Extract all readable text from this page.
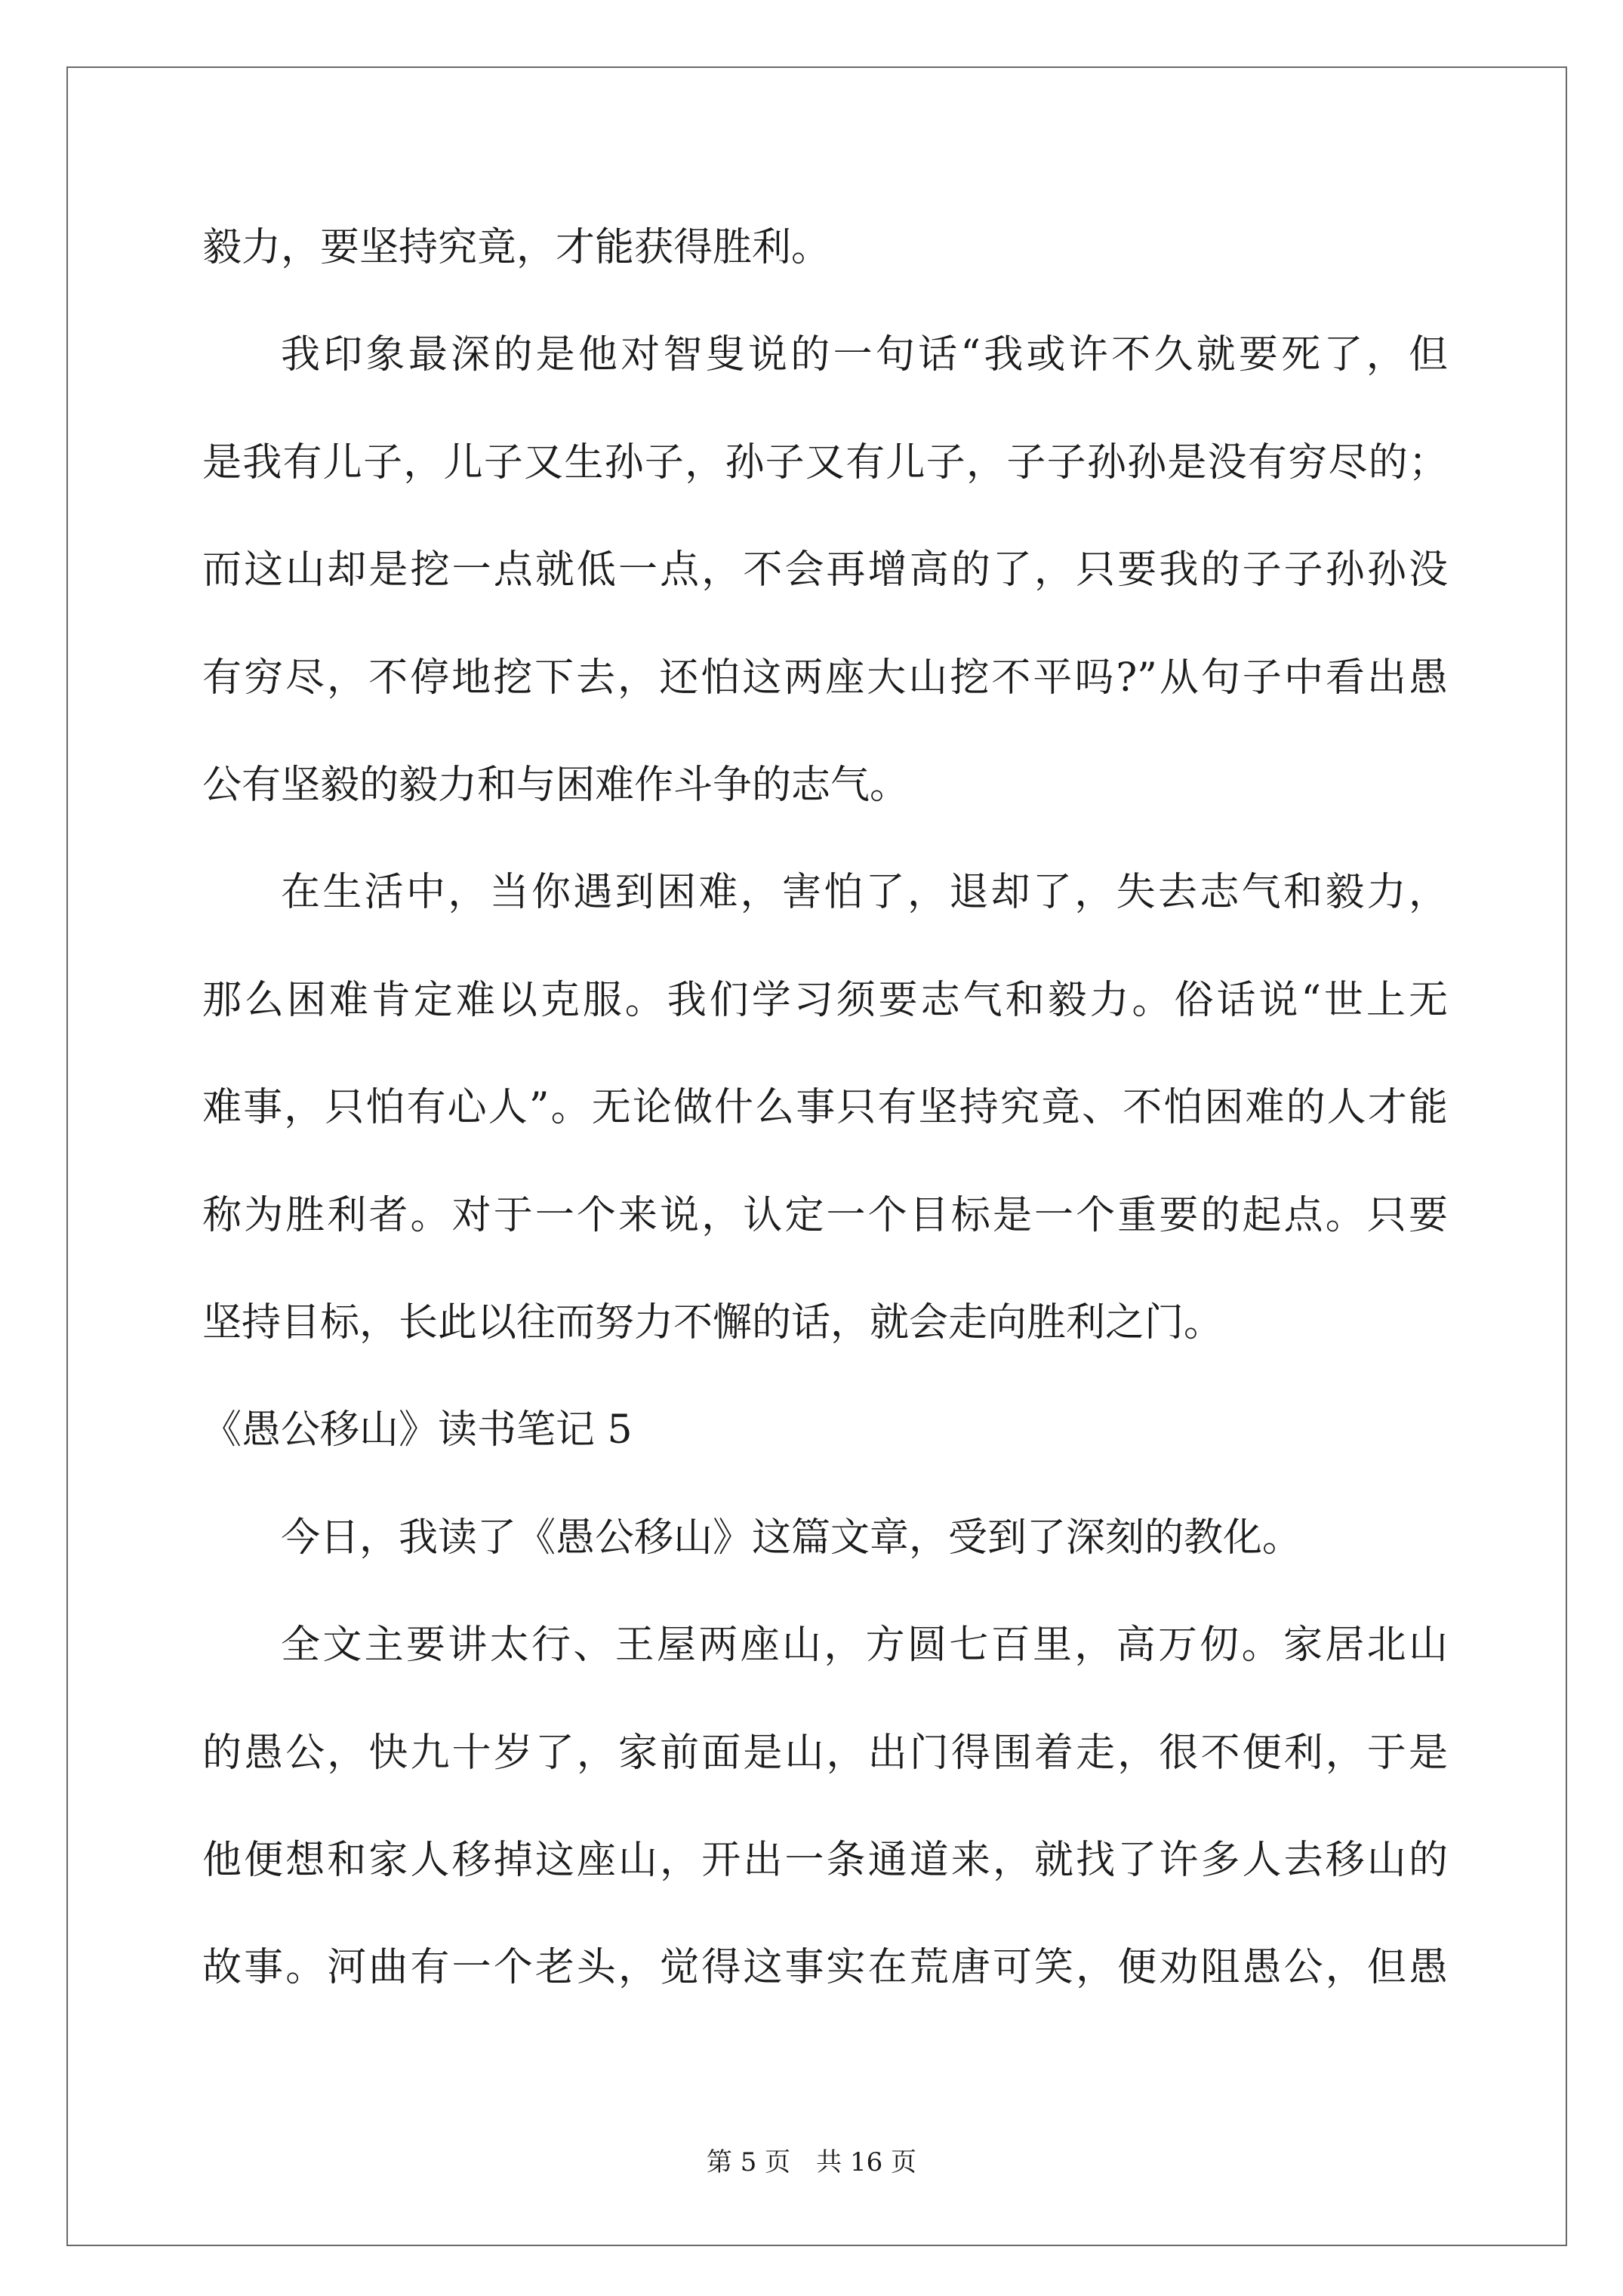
毅力，要坚持究竟，才能获得胜利。
我印象最深的是他对智叟说的一句话“我或许不久就要死了，但
是我有儿子，儿子又生孙子，孙子又有儿子，子子孙孙是没有穷尽的；
而这山却是挖一点就低一点，不会再增高的了，只要我的子子孙孙没
有穷尽，不停地挖下去，还怕这两座大山挖不平吗?”从句子中看出愚
公有坚毅的毅力和与困难作斗争的志气。
在生活中，当你遇到困难，害怕了，退却了，失去志气和毅力，
那么困难肯定难以克服。我们学习须要志气和毅力。俗话说“世上无
难事，只怕有心人”。无论做什么事只有坚持究竟、不怕困难的人才能
称为胜利者。对于一个来说，认定一个目标是一个重要的起点。只要
坚持目标，长此以往而努力不懈的话，就会走向胜利之门。
《愚公移山》读书笔记 5
今日，我读了《愚公移山》这篇文章，受到了深刻的教化。
全文主要讲太行、王屋两座山，方圆七百里，高万仞。家居北山
的愚公，快九十岁了，家前面是山，出门得围着走，很不便利，于是
他便想和家人移掉这座山，开出一条通道来，就找了许多人去移山的
故事。河曲有一个老头，觉得这事实在荒唐可笑，便劝阻愚公，但愚
第 5 页 共 16 页
